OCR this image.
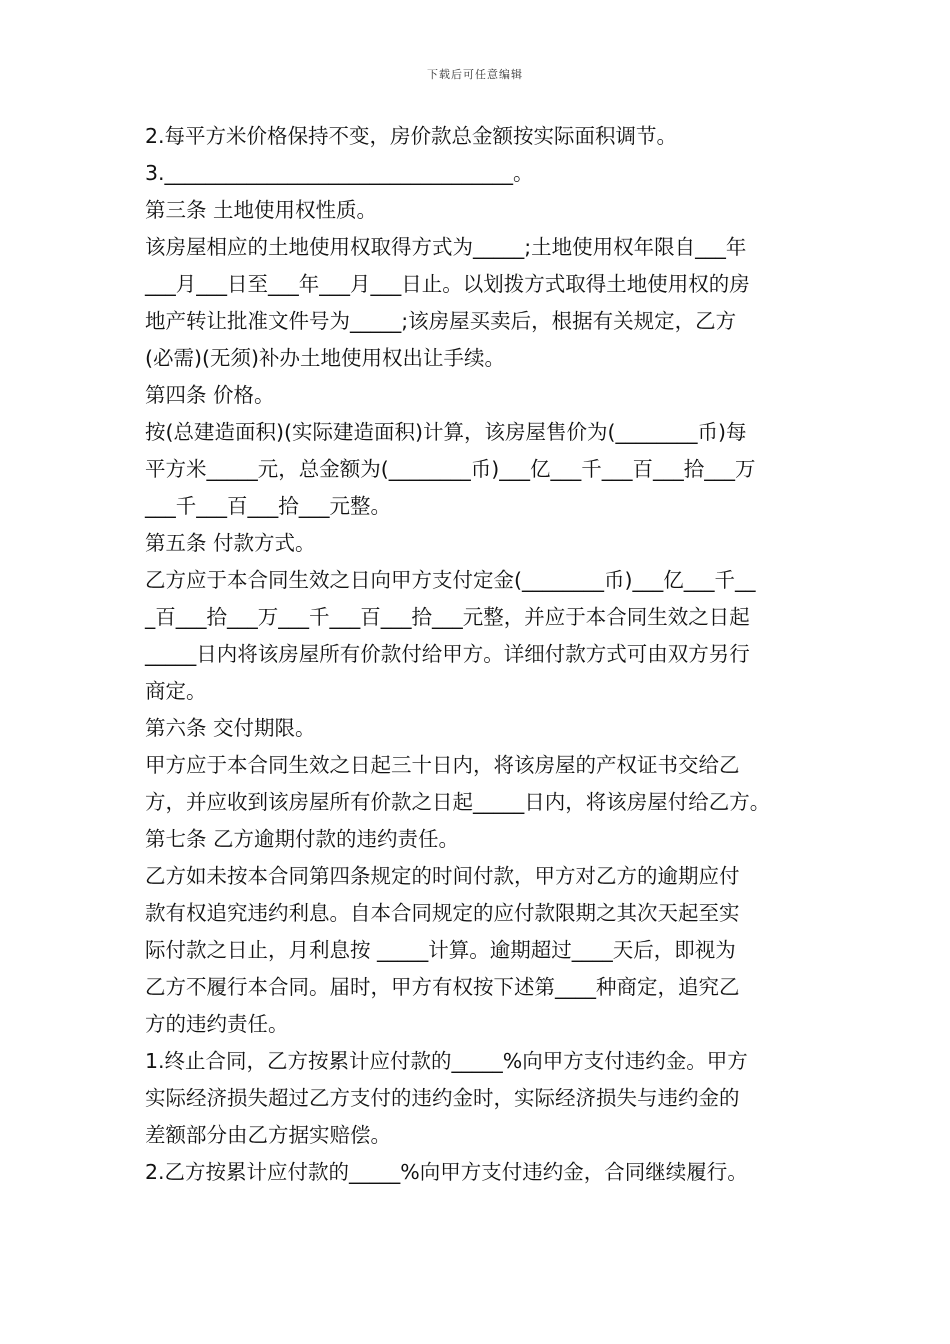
下载后可任意编辑
2.每平方米价格保持不变，房价款总金额按实际面积调节。
3.__________________________________。
第三条 土地使用权性质。
该房屋相应的土地使用权取得方式为_____;土地使用权年限自___年
___月___日至___年___月___日止。以划拨方式取得土地使用权的房
地产转让批准文件号为_____;该房屋买卖后，根据有关规定，乙方
(必需)(无须)补办土地使用权出让手续。
第四条 价格。
按(总建造面积)(实际建造面积)计算，该房屋售价为(________币)每
平方米_____元，总金额为(________币)___亿___千___百___拾___万
___千___百___拾___元整。
第五条 付款方式。
乙方应于本合同生效之日向甲方支付定金(________币)___亿___千__
_百___拾___万___千___百___拾___元整，并应于本合同生效之日起
_____日内将该房屋所有价款付给甲方。详细付款方式可由双方另行
商定。
第六条 交付期限。
甲方应于本合同生效之日起三十日内，将该房屋的产权证书交给乙
方，并应收到该房屋所有价款之日起_____日内，将该房屋付给乙方。
第七条 乙方逾期付款的违约责任。
乙方如未按本合同第四条规定的时间付款，甲方对乙方的逾期应付
款有权追究违约利息。自本合同规定的应付款限期之其次天起至实
际付款之日止，月利息按 _____计算。逾期超过____天后，即视为
乙方不履行本合同。届时，甲方有权按下述第____种商定，追究乙
方的违约责任。
1.终止合同，乙方按累计应付款的_____%向甲方支付违约金。甲方
实际经济损失超过乙方支付的违约金时，实际经济损失与违约金的
差额部分由乙方据实赔偿。
2.乙方按累计应付款的_____%向甲方支付违约金，合同继续履行。
